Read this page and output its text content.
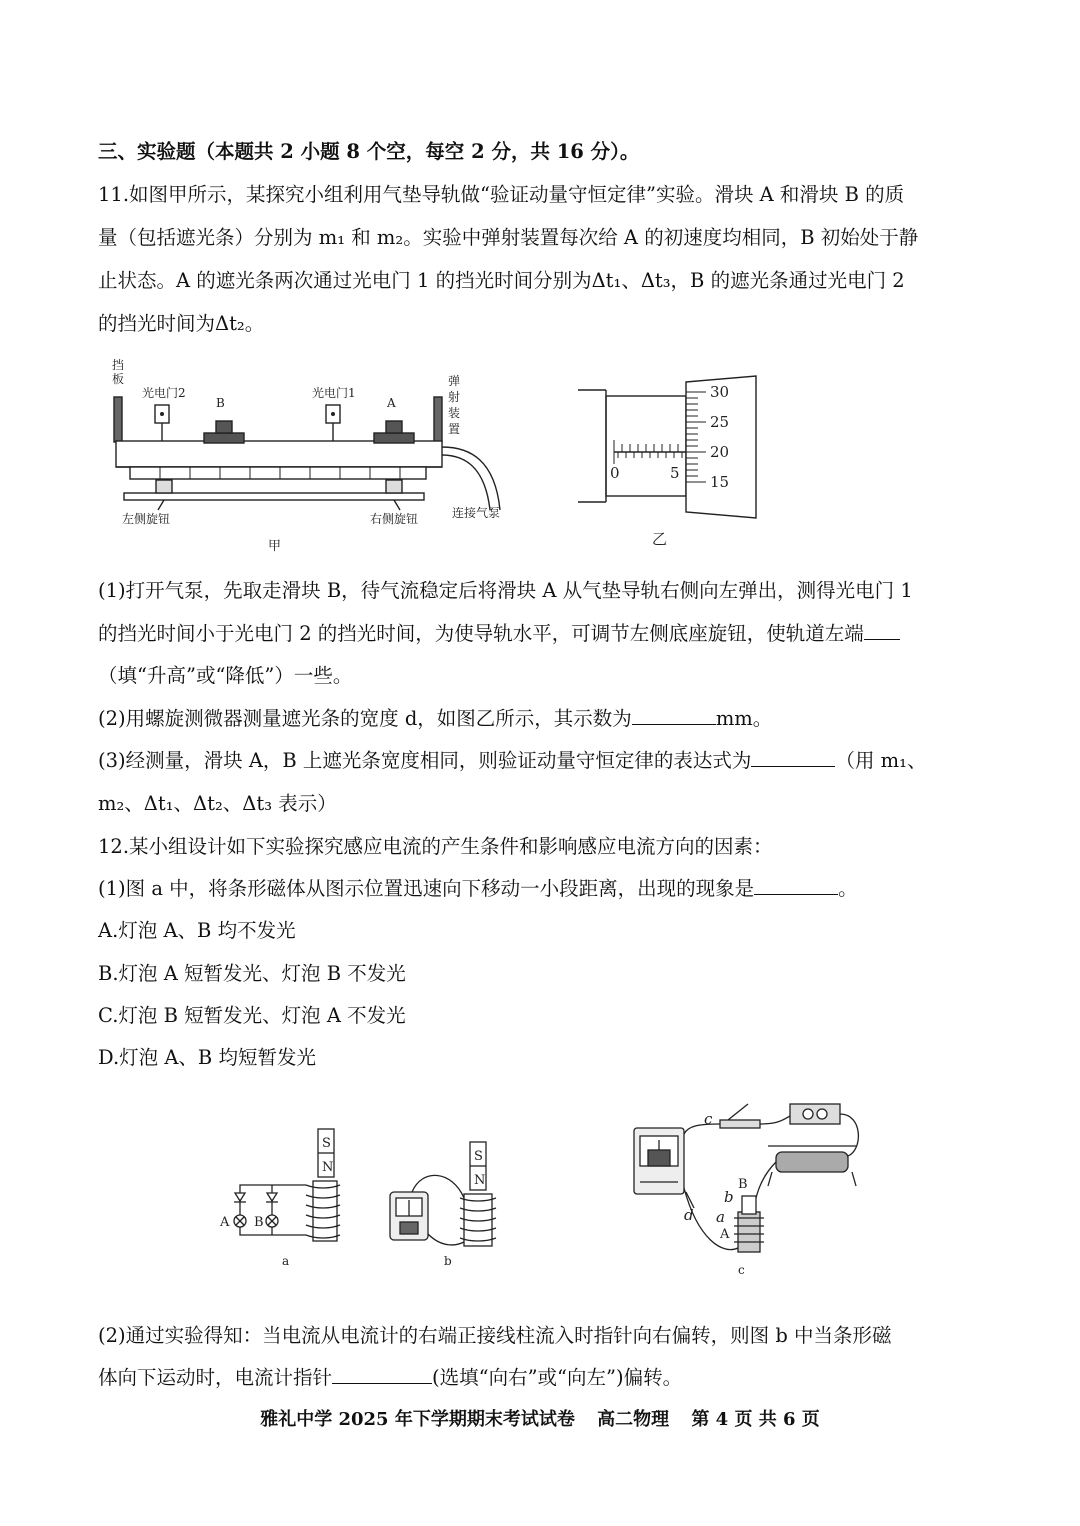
三、实验题（本题共 2 小题 8 个空，每空 2 分，共 16 分）。
11.如图甲所示，某探究小组利用气垫导轨做“验证动量守恒定律”实验。滑块 A 和滑块 B 的质
量（包括遮光条）分别为 m₁ 和 m₂。实验中弹射装置每次给 A 的初速度均相同，B 初始处于静
止状态。A 的遮光条两次通过光电门 1 的挡光时间分别为Δt₁、Δt₃，B 的遮光条通过光电门 2
的挡光时间为Δt₂。
挡板
光电门2
B
光电门1
A
弹射装置
左侧旋钮	右侧旋钮	连接气泵
甲
30
25
20
15
0	5
乙
(1)打开气泵，先取走滑块 B，待气流稳定后将滑块 A 从气垫导轨右侧向左弹出，测得光电门 1
的挡光时间小于光电门 2 的挡光时间，为使导轨水平，可调节左侧底座旋钮，使轨道左端
（填“升高”或“降低”）一些。
(2)用螺旋测微器测量遮光条的宽度 d，如图乙所示，其示数为	mm。
(3)经测量，滑块 A，B 上遮光条宽度相同，则验证动量守恒定律的表达式为	（用 m₁、
m₂、Δt₁、Δt₂、Δt₃ 表示）
12.某小组设计如下实验探究感应电流的产生条件和影响感应电流方向的因素：
(1)图 a 中，将条形磁体从图示位置迅速向下移动一小段距离，出现的现象是	。
A.灯泡 A、B 均不发光
B.灯泡 A 短暂发光、灯泡 B 不发光
C.灯泡 B 短暂发光、灯泡 A 不发光
D.灯泡 A、B 均短暂发光
S
N
A B
a
S
N
b
c
B
b
a
A
d
c
(2)通过实验得知：当电流从电流计的右端正接线柱流入时指针向右偏转，则图 b 中当条形磁
体向下运动时，电流计指针	(选填“向右”或“向左”)偏转。
雅礼中学 2025 年下学期期末考试试卷 高二物理 第 4 页 共 6 页
